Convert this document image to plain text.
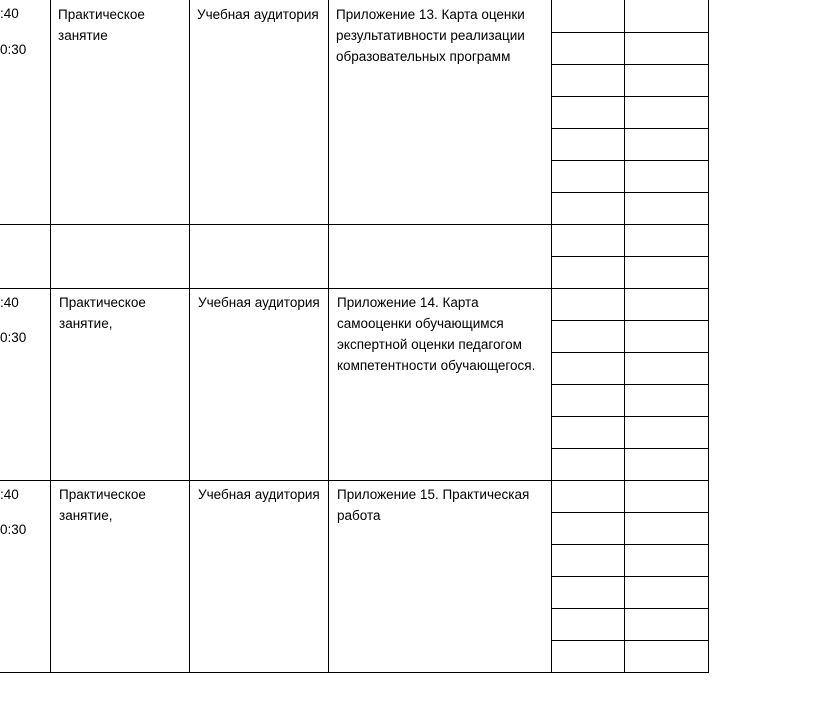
:40
0:30
Практическое
занятие
Учебная аудитория Приложение 13. Карта оценки
результативности реализации
образовательных программ
:40
0:30
Практическое
занятие,
Учебная аудитория Приложение 14. Карта
самооценки обучающимся
экспертной оценки педагогом
компетентности обучающегося.
:40
0:30
Практическое
занятие,
Учебная аудитория Приложение 15. Практическая
работа
